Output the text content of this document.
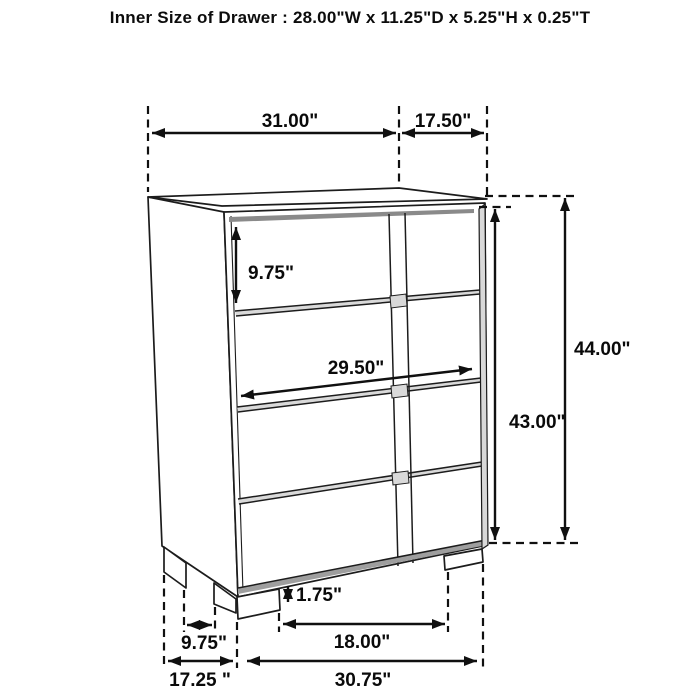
Inner Size of Drawer : 28.00"W x 11.25"D x 5.25"H x 0.25"T
31.00"	17.50"
9.75"
29.50"
43.00"
44.00"
1.75"
9.75"	18.00"
17.25 "	30.75"
